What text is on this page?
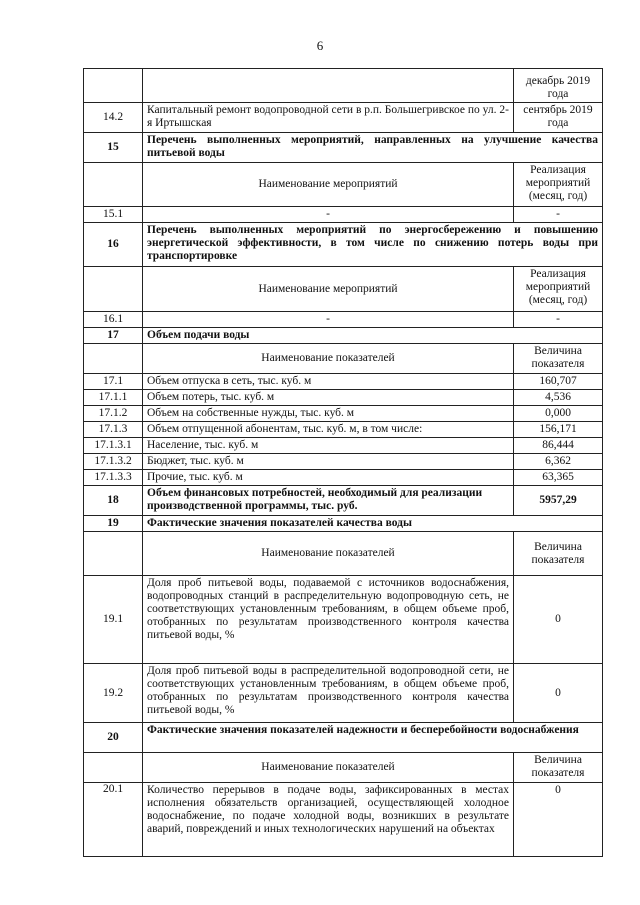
6
		декабрь 2019 года
14.2	Капитальный ремонт водопроводной сети в р.п. Большегривское по ул. 2-я Иртышская	сентябрь 2019 года
15	Перечень выполненных мероприятий, направленных на улучшение качества питьевой воды	
	Наименование мероприятий	Реализация мероприятий (месяц, год)
15.1	-	-
16	Перечень выполненных мероприятий по энергосбережению и повышению энергетической эффективности, в том числе по снижению потерь воды при транспортировке	
	Наименование мероприятий	Реализация мероприятий (месяц, год)
16.1	-	-
17	Объем подачи воды	
	Наименование показателей	Величина показателя
17.1	Объем отпуска в сеть, тыс. куб. м	160,707
17.1.1	Объем потерь, тыс. куб. м	4,536
17.1.2	Объем на собственные нужды, тыс. куб. м	0,000
17.1.3	Объем отпущенной абонентам, тыс. куб. м, в том числе:	156,171
17.1.3.1	Население, тыс. куб. м	86,444
17.1.3.2	Бюджет, тыс. куб. м	6,362
17.1.3.3	Прочие, тыс. куб. м	63,365
18	Объем финансовых потребностей, необходимый для реализации производственной программы, тыс. руб.	5957,29
19	Фактические значения показателей качества воды	
	Наименование показателей	Величина показателя
19.1	Доля проб питьевой воды, подаваемой с источников водоснабжения, водопроводных станций в распределительную водопроводную сеть, не соответствующих установленным требованиям, в общем объеме проб, отобранных по результатам производственного контроля качества питьевой воды, %	0
19.2	Доля проб питьевой воды в распределительной водопроводной сети, не соответствующих установленным требованиям, в общем объеме проб, отобранных по результатам производственного контроля качества питьевой воды, %	0
20	Фактические значения показателей надежности и бесперебойности водоснабжения	
	Наименование показателей	Величина показателя
20.1	Количество перерывов в подаче воды, зафиксированных в местах исполнения обязательств организацией, осуществляющей холодное водоснабжение, по подаче холодной воды, возникших в результате аварий, повреждений и иных технологических нарушений на объектах	0
